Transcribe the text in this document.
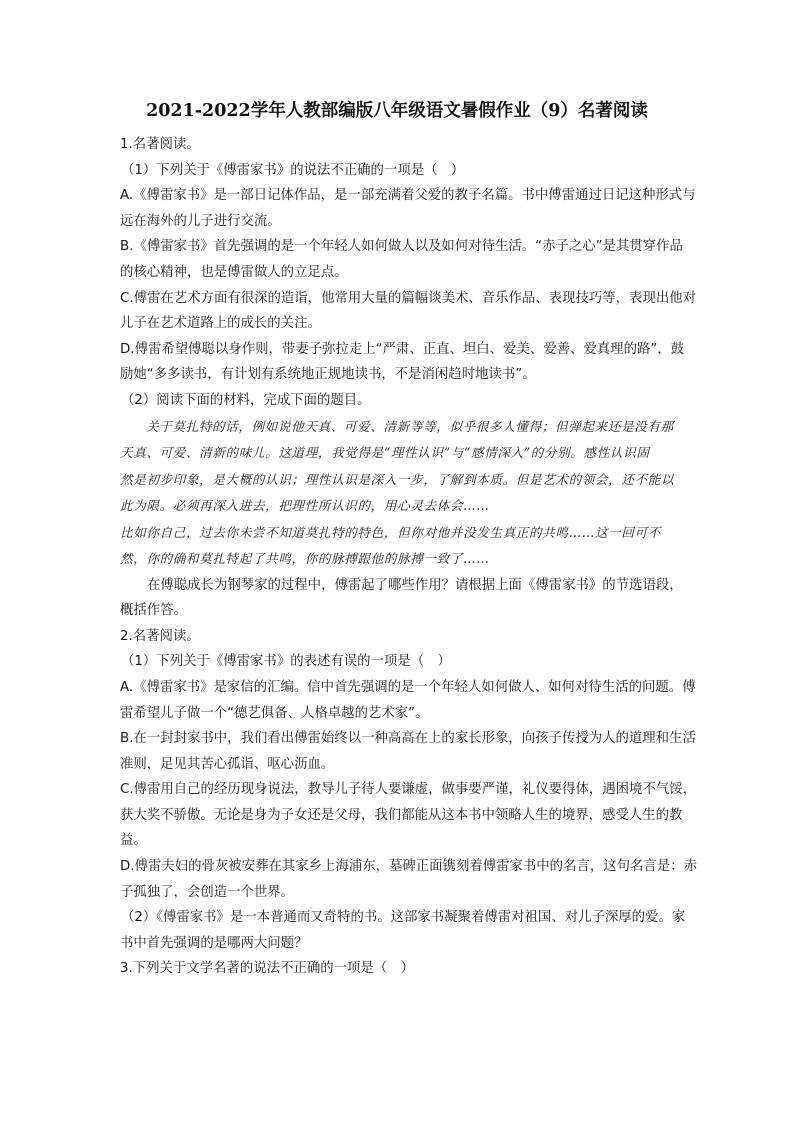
2021-2022学年人教部编版八年级语文暑假作业（9）名著阅读
1.名著阅读。
（1）下列关于《傅雷家书》的说法不正确的一项是（　）
A.《傅雷家书》是一部日记体作品，是一部充满着父爱的教子名篇。书中傅雷通过日记这种形式与
远在海外的儿子进行交流。
B.《傅雷家书》首先强调的是一个年轻人如何做人以及如何对待生活。“赤子之心”是其贯穿作品
的核心精神，也是傅雷做人的立足点。
C.傅雷在艺术方面有很深的造诣，他常用大量的篇幅谈美术、音乐作品、表现技巧等，表现出他对
儿子在艺术道路上的成长的关注。
D.傅雷希望傅聪以身作则，带妻子弥拉走上“严肃、正直、坦白、爱美、爱善、爱真理的路”，鼓
励她“多多读书，有计划有系统地正规地读书，不是消闲趋时地读书”。
（2）阅读下面的材料，完成下面的题目。
关于莫扎特的话，例如说他天真、可爱、清新等等，似乎很多人懂得；但弹起来还是没有那
天真、可爱、清新的味儿。这道理，我觉得是“理性认识”与“感情深入”的分别。感性认识固
然是初步印象，是大概的认识；理性认识是深入一步，了解到本质。但是艺术的领会，还不能以
此为限。必须再深入进去，把理性所认识的，用心灵去体会……
比如你自己，过去你未尝不知道莫扎特的特色，但你对他并没发生真正的共鸣……这一回可不
然，你的确和莫扎特起了共鸣，你的脉搏跟他的脉搏一致了……
在傅聪成长为钢琴家的过程中，傅雷起了哪些作用？请根据上面《傅雷家书》的节选语段，
概括作答。
2.名著阅读。
（1）下列关于《傅雷家书》的表述有误的一项是（　）
A.《傅雷家书》是家信的汇编。信中首先强调的是一个年轻人如何做人、如何对待生活的问题。傅
雷希望儿子做一个“德艺俱备、人格卓越的艺术家”。
B.在一封封家书中，我们看出傅雷始终以一种高高在上的家长形象，向孩子传授为人的道理和生活
准则，足见其苦心孤诣、呕心沥血。
C.傅雷用自己的经历现身说法，教导儿子待人要谦虚，做事要严谨，礼仪要得体，遇困境不气馁，
获大奖不骄傲。无论是身为子女还是父母，我们都能从这本书中领略人生的境界，感受人生的教
益。
D.傅雷夫妇的骨灰被安葬在其家乡上海浦东，墓碑正面镌刻着傅雷家书中的名言，这句名言是：赤
子孤独了，会创造一个世界。
（2）《傅雷家书》是一本普通而又奇特的书。这部家书凝聚着傅雷对祖国、对儿子深厚的爱。家
书中首先强调的是哪两大问题？
3.下列关于文学名著的说法不正确的一项是（　）
